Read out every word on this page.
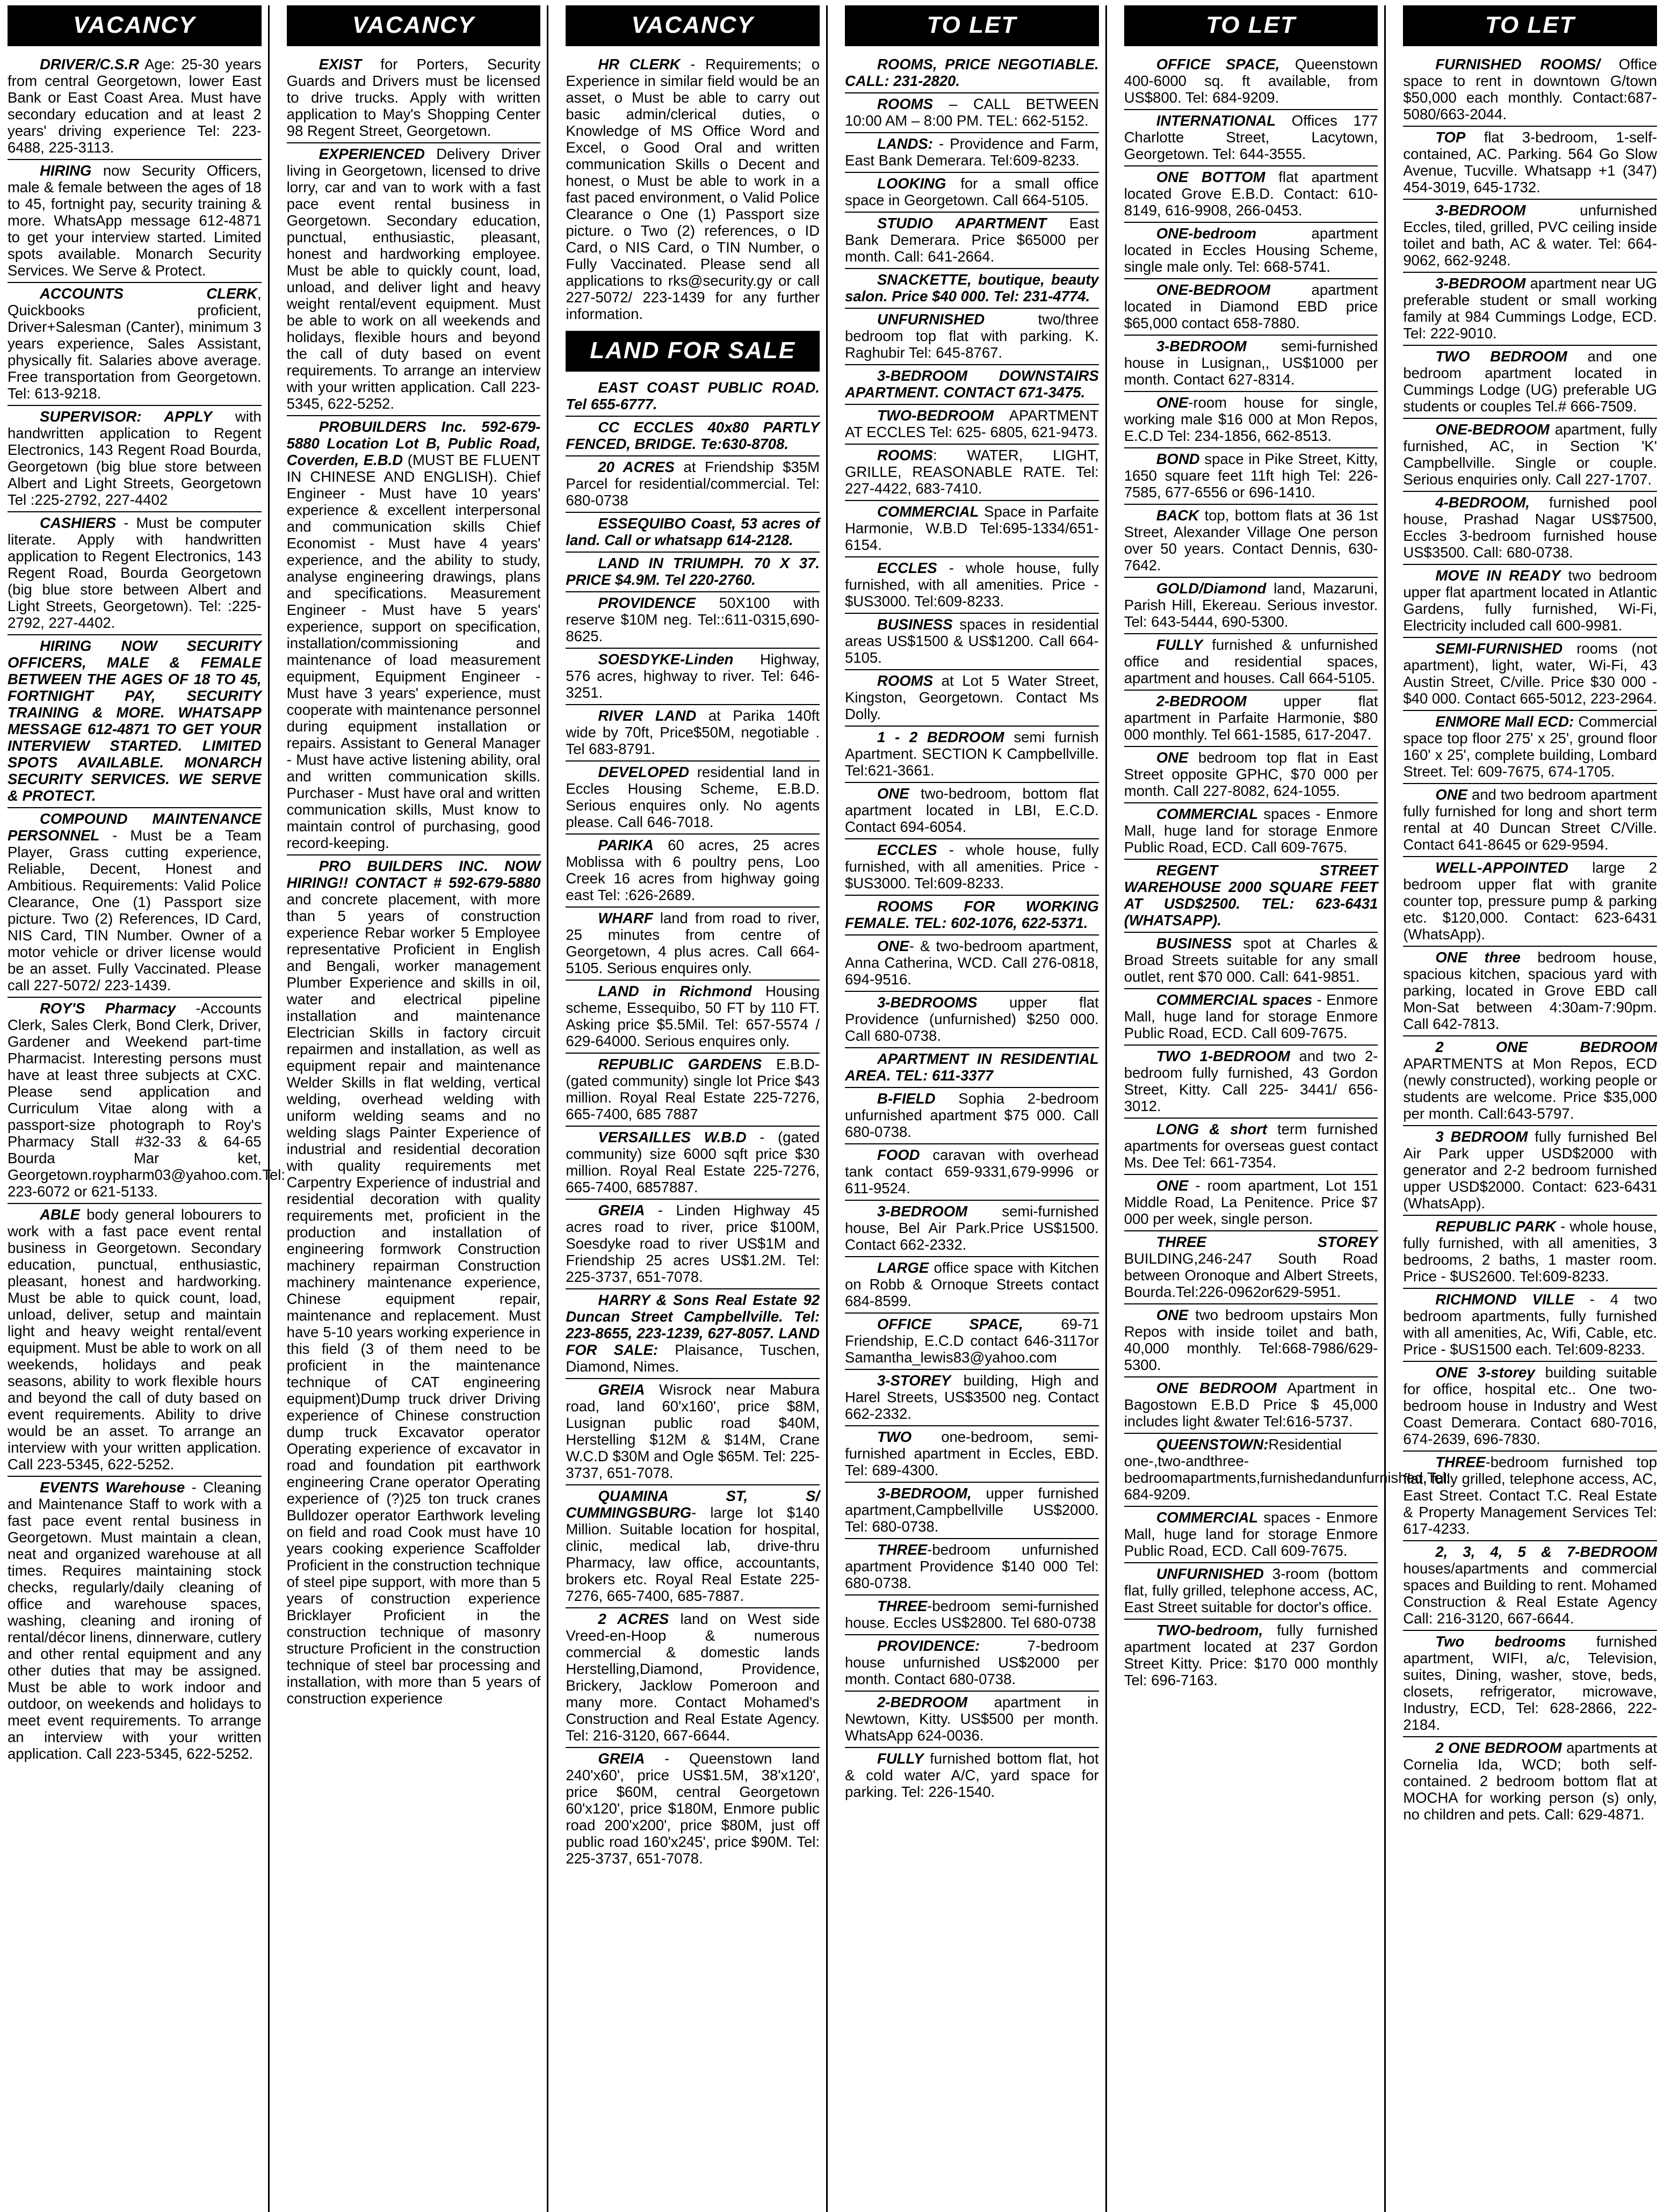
VACANCY

DRIVER/C.S.R Age: 25-30 years from central Georgetown, lower East Bank or East Coast Area. Must have secondary education and at least 2 years' driving experience Tel: 223-6488, 225-3113.

HIRING now Security Officers, male & female between the ages of 18 to 45, fortnight pay, security training & more. WhatsApp message 612-4871 to get your interview started. Limited spots available. Monarch Security Services. We Serve & Protect.

ACCOUNTS CLERK, Quickbooks proficient, Driver+Salesman (Canter), minimum 3 years experience, Sales Assistant, physically fit. Salaries above average. Free transportation from Georgetown. Tel: 613-9218.

SUPERVISOR: APPLY with handwritten application to Regent Electronics, 143 Regent Road Bourda, Georgetown (big blue store between Albert and Light Streets, Georgetown Tel :225-2792, 227-4402

CASHIERS - Must be computer literate. Apply with handwritten application to Regent Electronics, 143 Regent Road, Bourda Georgetown (big blue store between Albert and Light Streets, Georgetown). Tel: :225-2792, 227-4402.

HIRING NOW SECURITY OFFICERS, MALE & FEMALE BETWEEN THE AGES OF 18 TO 45, FORTNIGHT PAY, SECURITY TRAINING & MORE. WHATSAPP MESSAGE 612-4871 TO GET YOUR INTERVIEW STARTED. LIMITED SPOTS AVAILABLE. MONARCH SECURITY SERVICES. WE SERVE & PROTECT.

COMPOUND MAINTENANCE PERSONNEL - Must be a Team Player, Grass cutting experience, Reliable, Decent, Honest and Ambitious. Requirements: Valid Police Clearance, One (1) Passport size picture. Two (2) References, ID Card, NIS Card, TIN Number. Owner of a motor vehicle or driver license would be an asset. Fully Vaccinated. Please call 227-5072/ 223-1439.

ROY'S Pharmacy -Accounts Clerk, Sales Clerk, Bond Clerk, Driver, Gardener and Weekend part-time Pharmacist. Interesting persons must have at least three subjects at CXC. Please send application and Curriculum Vitae along with a passport-size photograph to Roy's Pharmacy Stall #32-33 & 64-65 Bourda Mar ket, Georgetown.roypharm03@yahoo.com.Tel: 223-6072 or 621-5133.

ABLE body general lobourers to work with a fast pace event rental business in Georgetown. Secondary education, punctual, enthusiastic, pleasant, honest and hardworking. Must be able to quick count, load, unload, deliver, setup and maintain light and heavy weight rental/event equipment. Must be able to work on all weekends, holidays and peak seasons, ability to work flexible hours and beyond the call of duty based on event requirements. Ability to drive would be an asset. To arrange an interview with your written application. Call 223-5345, 622-5252.

EVENTS Warehouse - Cleaning and Maintenance Staff to work with a fast pace event rental business in Georgetown. Must maintain a clean, neat and organized warehouse at all times. Requires maintaining stock checks, regularly/daily cleaning of office and warehouse spaces, washing, cleaning and ironing of rental/décor linens, dinnerware, cutlery and other rental equipment and any other duties that may be assigned. Must be able to work indoor and outdoor, on weekends and holidays to meet event requirements. To arrange an interview with your written application. Call 223-5345, 622-5252.

VACANCY

EXIST for Porters, Security Guards and Drivers must be licensed to drive trucks. Apply with written application to May's Shopping Center 98 Regent Street, Georgetown.

EXPERIENCED Delivery Driver living in Georgetown, licensed to drive lorry, car and van to work with a fast pace event rental business in Georgetown. Secondary education, punctual, enthusiastic, pleasant, honest and hardworking employee. Must be able to quickly count, load, unload, and deliver light and heavy weight rental/event equipment. Must be able to work on all weekends and holidays, flexible hours and beyond the call of duty based on event requirements. To arrange an interview with your written application. Call 223-5345, 622-5252.

PROBUILDERS Inc. 592-679-5880 Location Lot B, Public Road, Coverden, E.B.D (MUST BE FLUENT IN CHINESE AND ENGLISH). Chief Engineer - Must have 10 years' experience & excellent interpersonal and communication skills Chief Economist - Must have 4 years' experience, and the ability to study, analyse engineering drawings, plans and specifications. Measurement Engineer - Must have 5 years' experience, support on specification, installation/commissioning and maintenance of load measurement equipment, Equipment Engineer - Must have 3 years' experience, must cooperate with maintenance personnel during equipment installation or repairs. Assistant to General Manager - Must have active listening ability, oral and written communication skills. Purchaser - Must have oral and written communication skills, Must know to maintain control of purchasing, good record-keeping.

PRO BUILDERS INC. NOW HIRING!! CONTACT # 592-679-5880 and concrete placement, with more than 5 years of construction experience Rebar worker 5 Employee representative Proficient in English and Bengali, worker management Plumber Experience and skills in oil, water and electrical pipeline installation and maintenance Electrician Skills in factory circuit repairmen and installation, as well as equipment repair and maintenance Welder Skills in flat welding, vertical welding, overhead welding with uniform welding seams and no welding slags Painter Experience of industrial and residential decoration with quality requirements met Carpentry Experience of industrial and residential decoration with quality requirements met, proficient in the production and installation of engineering formwork Construction machinery repairman Construction machinery maintenance experience, Chinese equipment repair, maintenance and replacement. Must have 5-10 years working experience in this field (3 of them need to be proficient in the maintenance technique of CAT engineering equipment)Dump truck driver Driving experience of Chinese construction dump truck Excavator operator Operating experience of excavator in road and foundation pit earthwork engineering Crane operator Operating experience of (?)25 ton truck cranes Bulldozer operator Earthwork leveling on field and road Cook must have 10 years cooking experience Scaffolder Proficient in the construction technique of steel pipe support, with more than 5 years of construction experience Bricklayer Proficient in the construction technique of masonry structure Proficient in the construction technique of steel bar processing and installation, with more than 5 years of construction experience

VACANCY

HR CLERK - Requirements; o Experience in similar field would be an asset, o Must be able to carry out basic admin/clerical duties, o Knowledge of MS Office Word and Excel, o Good Oral and written communication Skills o Decent and honest, o Must be able to work in a fast paced environment, o Valid Police Clearance o One (1) Passport size picture. o Two (2) references, o ID Card, o NIS Card, o TIN Number, o Fully Vaccinated. Please send all applications to rks@security.gy or call 227-5072/ 223-1439 for any further information.

LAND FOR SALE

EAST COAST PUBLIC ROAD. Tel 655-6777.

CC ECCLES 40x80 PARTLY FENCED, BRIDGE. Te:630-8708.

20 ACRES at Friendship $35M Parcel for residential/commercial. Tel: 680-0738

ESSEQUIBO Coast, 53 acres of land. Call or whatsapp 614-2128.

LAND IN TRIUMPH. 70 X 37. PRICE $4.9M. Tel 220-2760.

PROVIDENCE 50X100 with reserve $10M neg. Tel::611-0315,690-8625.

SOESDYKE-Linden Highway, 576 acres, highway to river. Tel: 646-3251.

RIVER LAND at Parika 140ft wide by 70ft, Price$50M, negotiable . Tel 683-8791.

DEVELOPED residential land in Eccles Housing Scheme, E.B.D. Serious enquires only. No agents please. Call 646-7018.

PARIKA 60 acres, 25 acres Moblissa with 6 poultry pens, Loo Creek 16 acres from highway going east Tel: :626-2689.

WHARF land from road to river, 25 minutes from centre of Georgetown, 4 plus acres. Call 664-5105. Serious enquires only.

LAND in Richmond Housing scheme, Essequibo, 50 FT by 110 FT. Asking price $5.5Mil. Tel: 657-5574 / 629-64000. Serious enquires only.

REPUBLIC GARDENS E.B.D- (gated community) single lot Price $43 million. Royal Real Estate 225-7276, 665-7400, 685 7887

VERSAILLES W.B.D - (gated community) size 6000 sqft price $30 million. Royal Real Estate 225-7276, 665-7400, 6857887.

GREIA - Linden Highway 45 acres road to river, price $100M, Soesdyke road to river US$1M and Friendship 25 acres US$1.2M. Tel: 225-3737, 651-7078.

HARRY & Sons Real Estate 92 Duncan Street Campbellville. Tel: 223-8655, 223-1239, 627-8057. LAND FOR SALE: Plaisance, Tuschen, Diamond, Nimes.

GREIA Wisrock near Mabura road, land 60'x160', price $8M, Lusignan public road $40M, Herstelling $12M & $14M, Crane W.C.D $30M and Ogle $65M. Tel: 225-3737, 651-7078.

QUAMINA ST, S/ CUMMINGSBURG- large lot $140 Million. Suitable location for hospital, clinic, medical lab, drive-thru Pharmacy, law office, accountants, brokers etc. Royal Real Estate 225-7276, 665-7400, 685-7887.

2 ACRES land on West side Vreed-en-Hoop & numerous commercial & domestic lands Herstelling,Diamond, Providence, Brickery, Jacklow Pomeroon and many more. Contact Mohamed's Construction and Real Estate Agency. Tel: 216-3120, 667-6644.

GREIA - Queenstown land 240'x60', price US$1.5M, 38'x120', price $60M, central Georgetown 60'x120', price $180M, Enmore public road 200'x200', price $80M, just off public road 160'x245', price $90M. Tel: 225-3737, 651-7078.

TO LET

ROOMS, PRICE NEGOTIABLE. CALL: 231-2820.

ROOMS – CALL BETWEEN 10:00 AM – 8:00 PM. TEL: 662-5152.

LANDS: - Providence and Farm, East Bank Demerara. Tel:609-8233.

LOOKING for a small office space in Georgetown. Call 664-5105.

STUDIO APARTMENT East Bank Demerara. Price $65000 per month. Call: 641-2664.

SNACKETTE, boutique, beauty salon. Price $40 000. Tel: 231-4774.

UNFURNISHED two/three bedroom top flat with parking. K. Raghubir Tel: 645-8767.

3-BEDROOM DOWNSTAIRS APARTMENT. CONTACT 671-3475.

TWO-BEDROOM APARTMENT AT ECCLES Tel: 625- 6805, 621-9473.

ROOMS: WATER, LIGHT, GRILLE, REASONABLE RATE. Tel: 227-4422, 683-7410.

COMMERCIAL Space in Parfaite Harmonie, W.B.D Tel:695-1334/651-6154.

ECCLES - whole house, fully furnished, with all amenities. Price - $US3000. Tel:609-8233.

BUSINESS spaces in residential areas US$1500 & US$1200. Call 664-5105.

ROOMS at Lot 5 Water Street, Kingston, Georgetown. Contact Ms Dolly.

1 - 2 BEDROOM semi furnish Apartment. SECTION K Campbellville. Tel:621-3661.

ONE two-bedroom, bottom flat apartment located in LBI, E.C.D. Contact 694-6054.

ECCLES - whole house, fully furnished, with all amenities. Price - $US3000. Tel:609-8233.

ROOMS FOR WORKING FEMALE. TEL: 602-1076, 622-5371.

ONE- & two-bedroom apartment, Anna Catherina, WCD. Call 276-0818, 694-9516.

3-BEDROOMS upper flat Providence (unfurnished) $250 000. Call 680-0738.

APARTMENT IN RESIDENTIAL AREA. TEL: 611-3377

B-FIELD Sophia 2-bedroom unfurnished apartment $75 000. Call 680-0738.

FOOD caravan with overhead tank contact 659-9331,679-9996 or 611-9524.

3-BEDROOM semi-furnished house, Bel Air Park.Price US$1500. Contact 662-2332.

LARGE office space with Kitchen on Robb & Ornoque Streets contact 684-8599.

OFFICE SPACE, 69-71 Friendship, E.C.D contact 646-3117or Samantha_lewis83@yahoo.com

3-STOREY building, High and Harel Streets, US$3500 neg. Contact 662-2332.

TWO one-bedroom, semi-furnished apartment in Eccles, EBD. Tel: 689-4300.

3-BEDROOM, upper furnished apartment,Campbellville US$2000. Tel: 680-0738.

THREE-bedroom unfurnished apartment Providence $140 000 Tel: 680-0738.

THREE-bedroom semi-furnished house. Eccles US$2800. Tel 680-0738

PROVIDENCE: 7-bedroom house unfurnished US$2000 per month. Contact 680-0738.

2-BEDROOM apartment in Newtown, Kitty. US$500 per month. WhatsApp 624-0036.

FULLY furnished bottom flat, hot & cold water A/C, yard space for parking. Tel: 226-1540.

TO LET

OFFICE SPACE, Queenstown 400-6000 sq. ft available, from US$800. Tel: 684-9209.

INTERNATIONAL Offices 177 Charlotte Street, Lacytown, Georgetown. Tel: 644-3555.

ONE BOTTOM flat apartment located Grove E.B.D. Contact: 610-8149, 616-9908, 266-0453.

ONE-bedroom apartment located in Eccles Housing Scheme, single male only. Tel: 668-5741.

ONE-BEDROOM apartment located in Diamond EBD price $65,000 contact 658-7880.

3-BEDROOM semi-furnished house in Lusignan,, US$1000 per month. Contact 627-8314.

ONE-room house for single, working male $16 000 at Mon Repos, E.C.D Tel: 234-1856, 662-8513.

BOND space in Pike Street, Kitty, 1650 square feet 11ft high Tel: 226-7585, 677-6556 or 696-1410.

BACK top, bottom flats at 36 1st Street, Alexander Village One person over 50 years. Contact Dennis, 630-7642.

GOLD/Diamond land, Mazaruni, Parish Hill, Ekereau. Serious investor. Tel: 643-5444, 690-5300.

FULLY furnished & unfurnished office and residential spaces, apartment and houses. Call 664-5105.

2-BEDROOM upper flat apartment in Parfaite Harmonie, $80 000 monthly. Tel 661-1585, 617-2047.

ONE bedroom top flat in East Street opposite GPHC, $70 000 per month. Call 227-8082, 624-1055.

COMMERCIAL spaces - Enmore Mall, huge land for storage Enmore Public Road, ECD. Call 609-7675.

REGENT STREET WAREHOUSE 2000 SQUARE FEET AT USD$2500. TEL: 623-6431 (WHATSAPP).

BUSINESS spot at Charles & Broad Streets suitable for any small outlet, rent $70 000. Call: 641-9851.

COMMERCIAL spaces - Enmore Mall, huge land for storage Enmore Public Road, ECD. Call 609-7675.

TWO 1-BEDROOM and two 2-bedroom fully furnished, 43 Gordon Street, Kitty. Call 225- 3441/ 656-3012.

LONG & short term furnished apartments for overseas guest contact Ms. Dee Tel: 661-7354.

ONE - room apartment, Lot 151 Middle Road, La Penitence. Price $7 000 per week, single person.

THREE STOREY BUILDING,246-247 South Road between Oronoque and Albert Streets, Bourda.Tel:226-0962or629-5951.

ONE two bedroom upstairs Mon Repos with inside toilet and bath, 40,000 monthly. Tel:668-7986/629-5300.

ONE BEDROOM Apartment in Bagostown E.B.D Price $ 45,000 includes light &water Tel:616-5737.

QUEENSTOWN:Residential one-,two-andthree-bedroomapartments,furnishedandunfurnished.Tel: 684-9209.

COMMERCIAL spaces - Enmore Mall, huge land for storage Enmore Public Road, ECD. Call 609-7675.

UNFURNISHED 3-room (bottom flat, fully grilled, telephone access, AC, East Street suitable for doctor's office.

TWO-bedroom, fully furnished apartment located at 237 Gordon Street Kitty. Price: $170 000 monthly Tel: 696-7163.

TO LET

FURNISHED ROOMS/ Office space to rent in downtown G/town $50,000 each monthly. Contact:687-5080/663-2044.

TOP flat 3-bedroom, 1-self-contained, AC. Parking. 564 Go Slow Avenue, Tucville. Whatsapp +1 (347) 454-3019, 645-1732.

3-BEDROOM unfurnished Eccles, tiled, grilled, PVC ceiling inside toilet and bath, AC & water. Tel: 664-9062, 662-9248.

3-BEDROOM apartment near UG preferable student or small working family at 984 Cummings Lodge, ECD. Tel: 222-9010.

TWO BEDROOM and one bedroom apartment located in Cummings Lodge (UG) preferable UG students or couples Tel.# 666-7509.

ONE-BEDROOM apartment, fully furnished, AC, in Section 'K' Campbellville. Single or couple. Serious enquiries only. Call 227-1707.

4-BEDROOM, furnished pool house, Prashad Nagar US$7500, Eccles 3-bedroom furnished house US$3500. Call: 680-0738.

MOVE IN READY two bedroom upper flat apartment located in Atlantic Gardens, fully furnished, Wi-Fi, Electricity included call 600-9981.

SEMI-FURNISHED rooms (not apartment), light, water, Wi-Fi, 43 Austin Street, C/ville. Price $30 000 - $40 000. Contact 665-5012, 223-2964.

ENMORE Mall ECD: Commercial space top floor 275' x 25', ground floor 160' x 25', complete building, Lombard Street. Tel: 609-7675, 674-1705.

ONE and two bedroom apartment fully furnished for long and short term rental at 40 Duncan Street C/Ville. Contact 641-8645 or 629-9594.

WELL-APPOINTED large 2 bedroom upper flat with granite counter top, pressure pump & parking etc. $120,000. Contact: 623-6431 (WhatsApp).

ONE three bedroom house, spacious kitchen, spacious yard with parking, located in Grove EBD call Mon-Sat between 4:30am-7:90pm. Call 642-7813.

2 ONE BEDROOM APARTMENTS at Mon Repos, ECD (newly constructed), working people or students are welcome. Price $35,000 per month. Call:643-5797.

3 BEDROOM fully furnished Bel Air Park upper USD$2000 with generator and 2-2 bedroom furnished upper USD$2000. Contact: 623-6431 (WhatsApp).

REPUBLIC PARK - whole house, fully furnished, with all amenities, 3 bedrooms, 2 baths, 1 master room. Price - $US2600. Tel:609-8233.

RICHMOND VILLE - 4 two bedroom apartments, fully furnished with all amenities, Ac, Wifi, Cable, etc. Price - $US1500 each. Tel:609-8233.

ONE 3-storey building suitable for office, hospital etc.. One two-bedroom house in Industry and West Coast Demerara. Contact 680-7016, 674-2639, 696-7830.

THREE-bedroom furnished top flat, fully grilled, telephone access, AC, East Street. Contact T.C. Real Estate & Property Management Services Tel: 617-4233.

2, 3, 4, 5 & 7-BEDROOM houses/apartments and commercial spaces and Building to rent. Mohamed Construction & Real Estate Agency Call: 216-3120, 667-6644.

Two bedrooms furnished apartment, WIFI, a/c, Television, suites, Dining, washer, stove, beds, closets, refrigerator, microwave, Industry, ECD, Tel: 628-2866, 222-2184.

2 ONE BEDROOM apartments at Cornelia Ida, WCD; both self-contained. 2 bedroom bottom flat at MOCHA for working person (s) only, no children and pets. Call: 629-4871.
